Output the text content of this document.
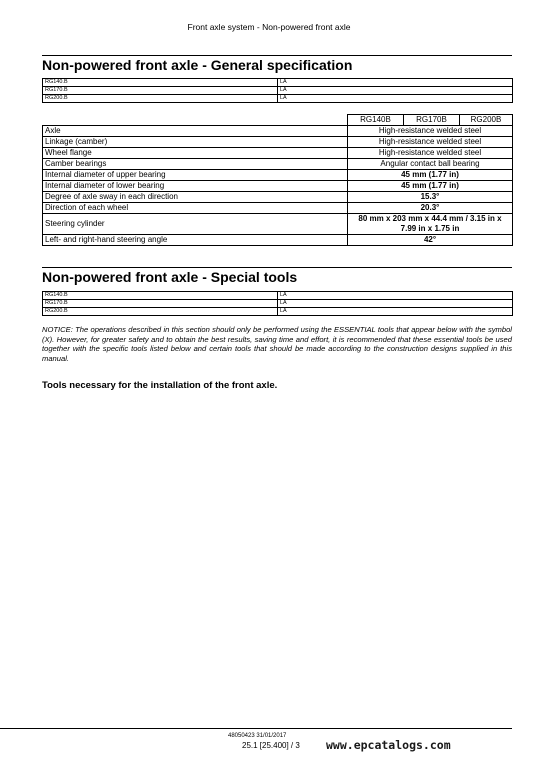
Front axle system - Non-powered front axle
Non-powered front axle - General specification
RG140.B	LA
RG170.B	LA
RG200.B	LA
	RG140B	RG170B	RG200B
Axle	High-resistance welded steel		
Linkage (camber)	High-resistance welded steel		
Wheel flange	High-resistance welded steel		
Camber bearings	Angular contact ball bearing		
Internal diameter of upper bearing	45 mm (1.77 in)		
Internal diameter of lower bearing	45 mm (1.77 in)		
Degree of axle sway in each direction	15.3°		
Direction of each wheel	20.3°		
Steering cylinder	80 mm x 203 mm x 44.4 mm / 3.15 in x 7.99 in x 1.75 in		
Left- and right-hand steering angle	42°		
Non-powered front axle - Special tools
RG140.B	LA
RG170.B	LA
RG200.B	LA
NOTICE: The operations described in this section should only be performed using the ESSENTIAL tools that appear below with the symbol (X). However, for greater safety and to obtain the best results, saving time and effort, it is recommended that these essential tools be used together with the specific tools listed below and certain tools that should be made according to the construction designs supplied in this manual.
Tools necessary for the installation of the front axle.
48050423 31/01/2017
25.1 [25.400] / 3 www.epcatalogs.com
